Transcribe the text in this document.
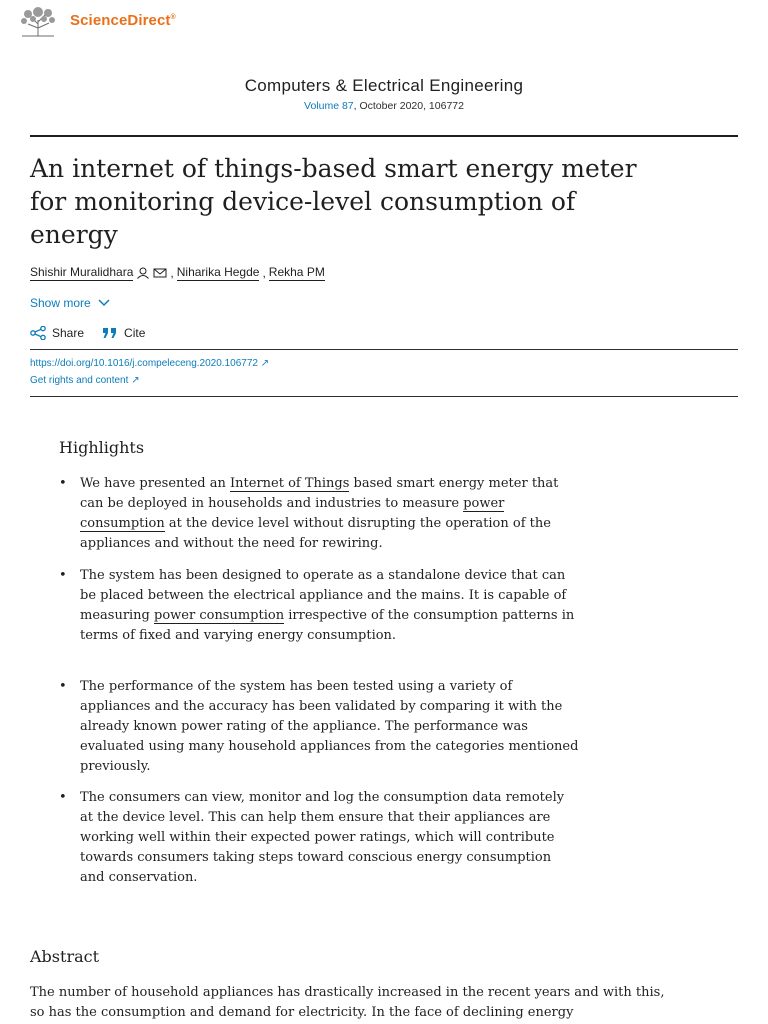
ScienceDirect®
Computers & Electrical Engineering
Volume 87, October 2020, 106772
An internet of things-based smart energy meter for monitoring device-level consumption of energy
Shishir Muralidhara	, Niharika Hegde , Rekha PM
Show more
Share	Cite
https://doi.org/10.1016/j.compeleceng.2020.106772 ↗
Get rights and content ↗
Highlights
• We have presented an Internet of Things based smart energy meter that can be deployed in households and industries to measure power consumption at the device level without disrupting the operation of the appliances and without the need for rewiring.
• The system has been designed to operate as a standalone device that can be placed between the electrical appliance and the mains. It is capable of measuring power consumption irrespective of the consumption patterns in terms of fixed and varying energy consumption.
• The performance of the system has been tested using a variety of appliances and the accuracy has been validated by comparing it with the already known power rating of the appliance. The performance was evaluated using many household appliances from the categories mentioned previously.
• The consumers can view, monitor and log the consumption data remotely at the device level. This can help them ensure that their appliances are working well within their expected power ratings, which will contribute towards consumers taking steps toward conscious energy consumption and conservation.
Abstract
The number of household appliances has drastically increased in the recent years and with this, so has the consumption and demand for electricity. In the face of declining energy
